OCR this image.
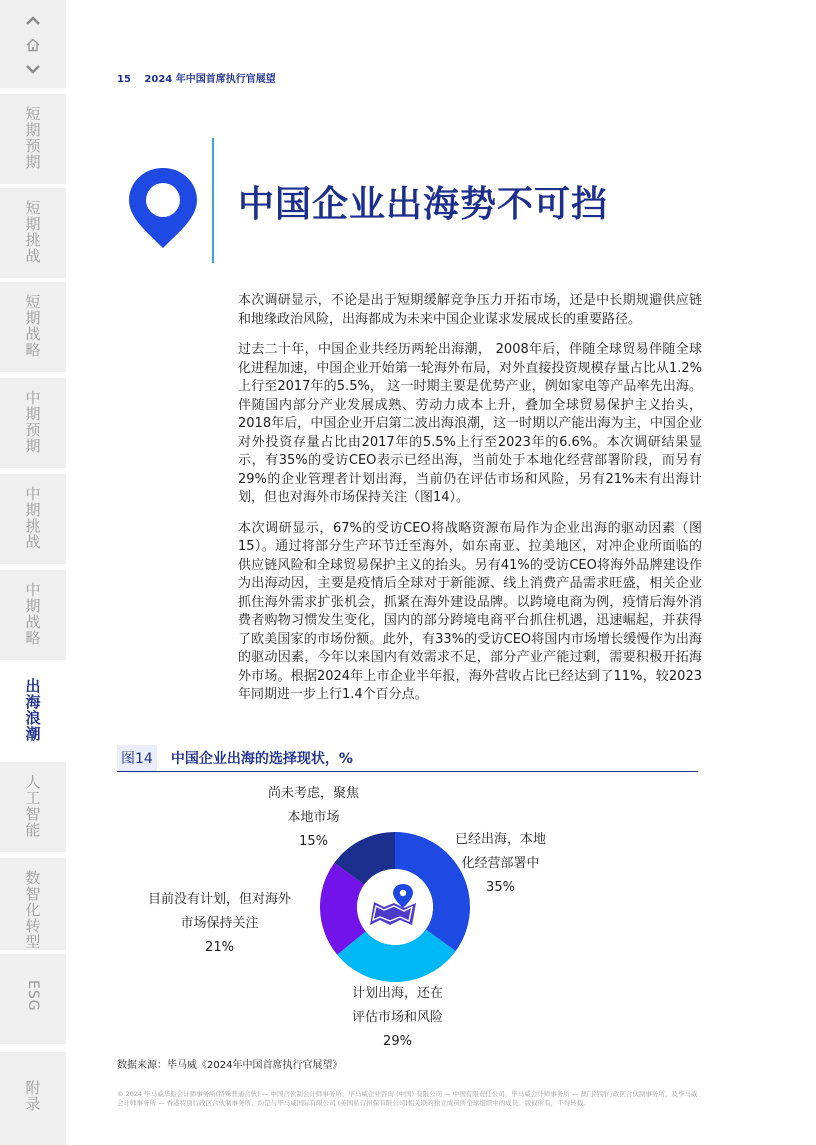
短期预期
短期挑战
短期战略
中期预期
中期挑战
中期战略
出海浪潮
人工智能
数智化转型
ESG
附录
15 2024 年中国首席执行官展望
中国企业出海势不可挡

本次调研显示，不论是出于短期缓解竞争压力开拓市场，还是中长期规避供应链和地缘政治风险，出海都成为未来中国企业谋求发展成长的重要路径。

过去二十年，中国企业共经历两轮出海潮， 2008年后，伴随全球贸易伴随全球化进程加速，中国企业开始第一轮海外布局，对外直接投资规模存量占比从1.2%上行至2017年的5.5%， 这一时期主要是优势产业，例如家电等产品率先出海。伴随国内部分产业发展成熟、劳动力成本上升，叠加全球贸易保护主义抬头，2018年后，中国企业开启第二波出海浪潮，这一时期以产能出海为主，中国企业对外投资存量占比由2017年的5.5%上行至2023年的6.6%。本次调研结果显示，有35%的受访CEO表示已经出海，当前处于本地化经营部署阶段，而另有29%的企业管理者计划出海，当前仍在评估市场和风险，另有21%未有出海计划，但也对海外市场保持关注（图14）。

本次调研显示，67%的受访CEO将战略资源布局作为企业出海的驱动因素（图15）。通过将部分生产环节迁至海外，如东南亚、拉美地区，对冲企业所面临的供应链风险和全球贸易保护主义的抬头。另有41%的受访CEO将海外品牌建设作为出海动因，主要是疫情后全球对于新能源、线上消费产品需求旺盛，相关企业抓住海外需求扩张机会，抓紧在海外建设品牌。以跨境电商为例，疫情后海外消费者购物习惯发生变化，国内的部分跨境电商平台抓住机遇，迅速崛起，并获得了欧美国家的市场份额。此外，有33%的受访CEO将国内市场增长缓慢作为出海的驱动因素，今年以来国内有效需求不足，部分产业产能过剩，需要积极开拓海外市场。根据2024年上市企业半年报，海外营收占比已经达到了11%，较2023年同期进一步上行1.4个百分点。

图14 中国企业出海的选择现状，%
已经出海，本地
化经营部署中
35%
计划出海，还在
评估市场和风险
29%
目前没有计划，但对海外
市场保持关注
21%
尚未考虑，聚焦
本地市场
15%
数据来源：毕马威《2024年中国首席执行官展望》
© 2024 毕马威华振会计师事务所(特殊普通合伙) — 中国合伙制会计师事务所，毕马威企业咨询 (中国) 有限公司 — 中国有限责任公司，毕马威会计师事务所 — 澳门特别行政区合伙制事务所，及毕马威会计师事务所 — 香港特别行政区合伙制事务所，均是与毕马威国际有限公司 (英国私营担保有限公司)相关联的独立成员所全球组织中的成员。版权所有，不得转载。
